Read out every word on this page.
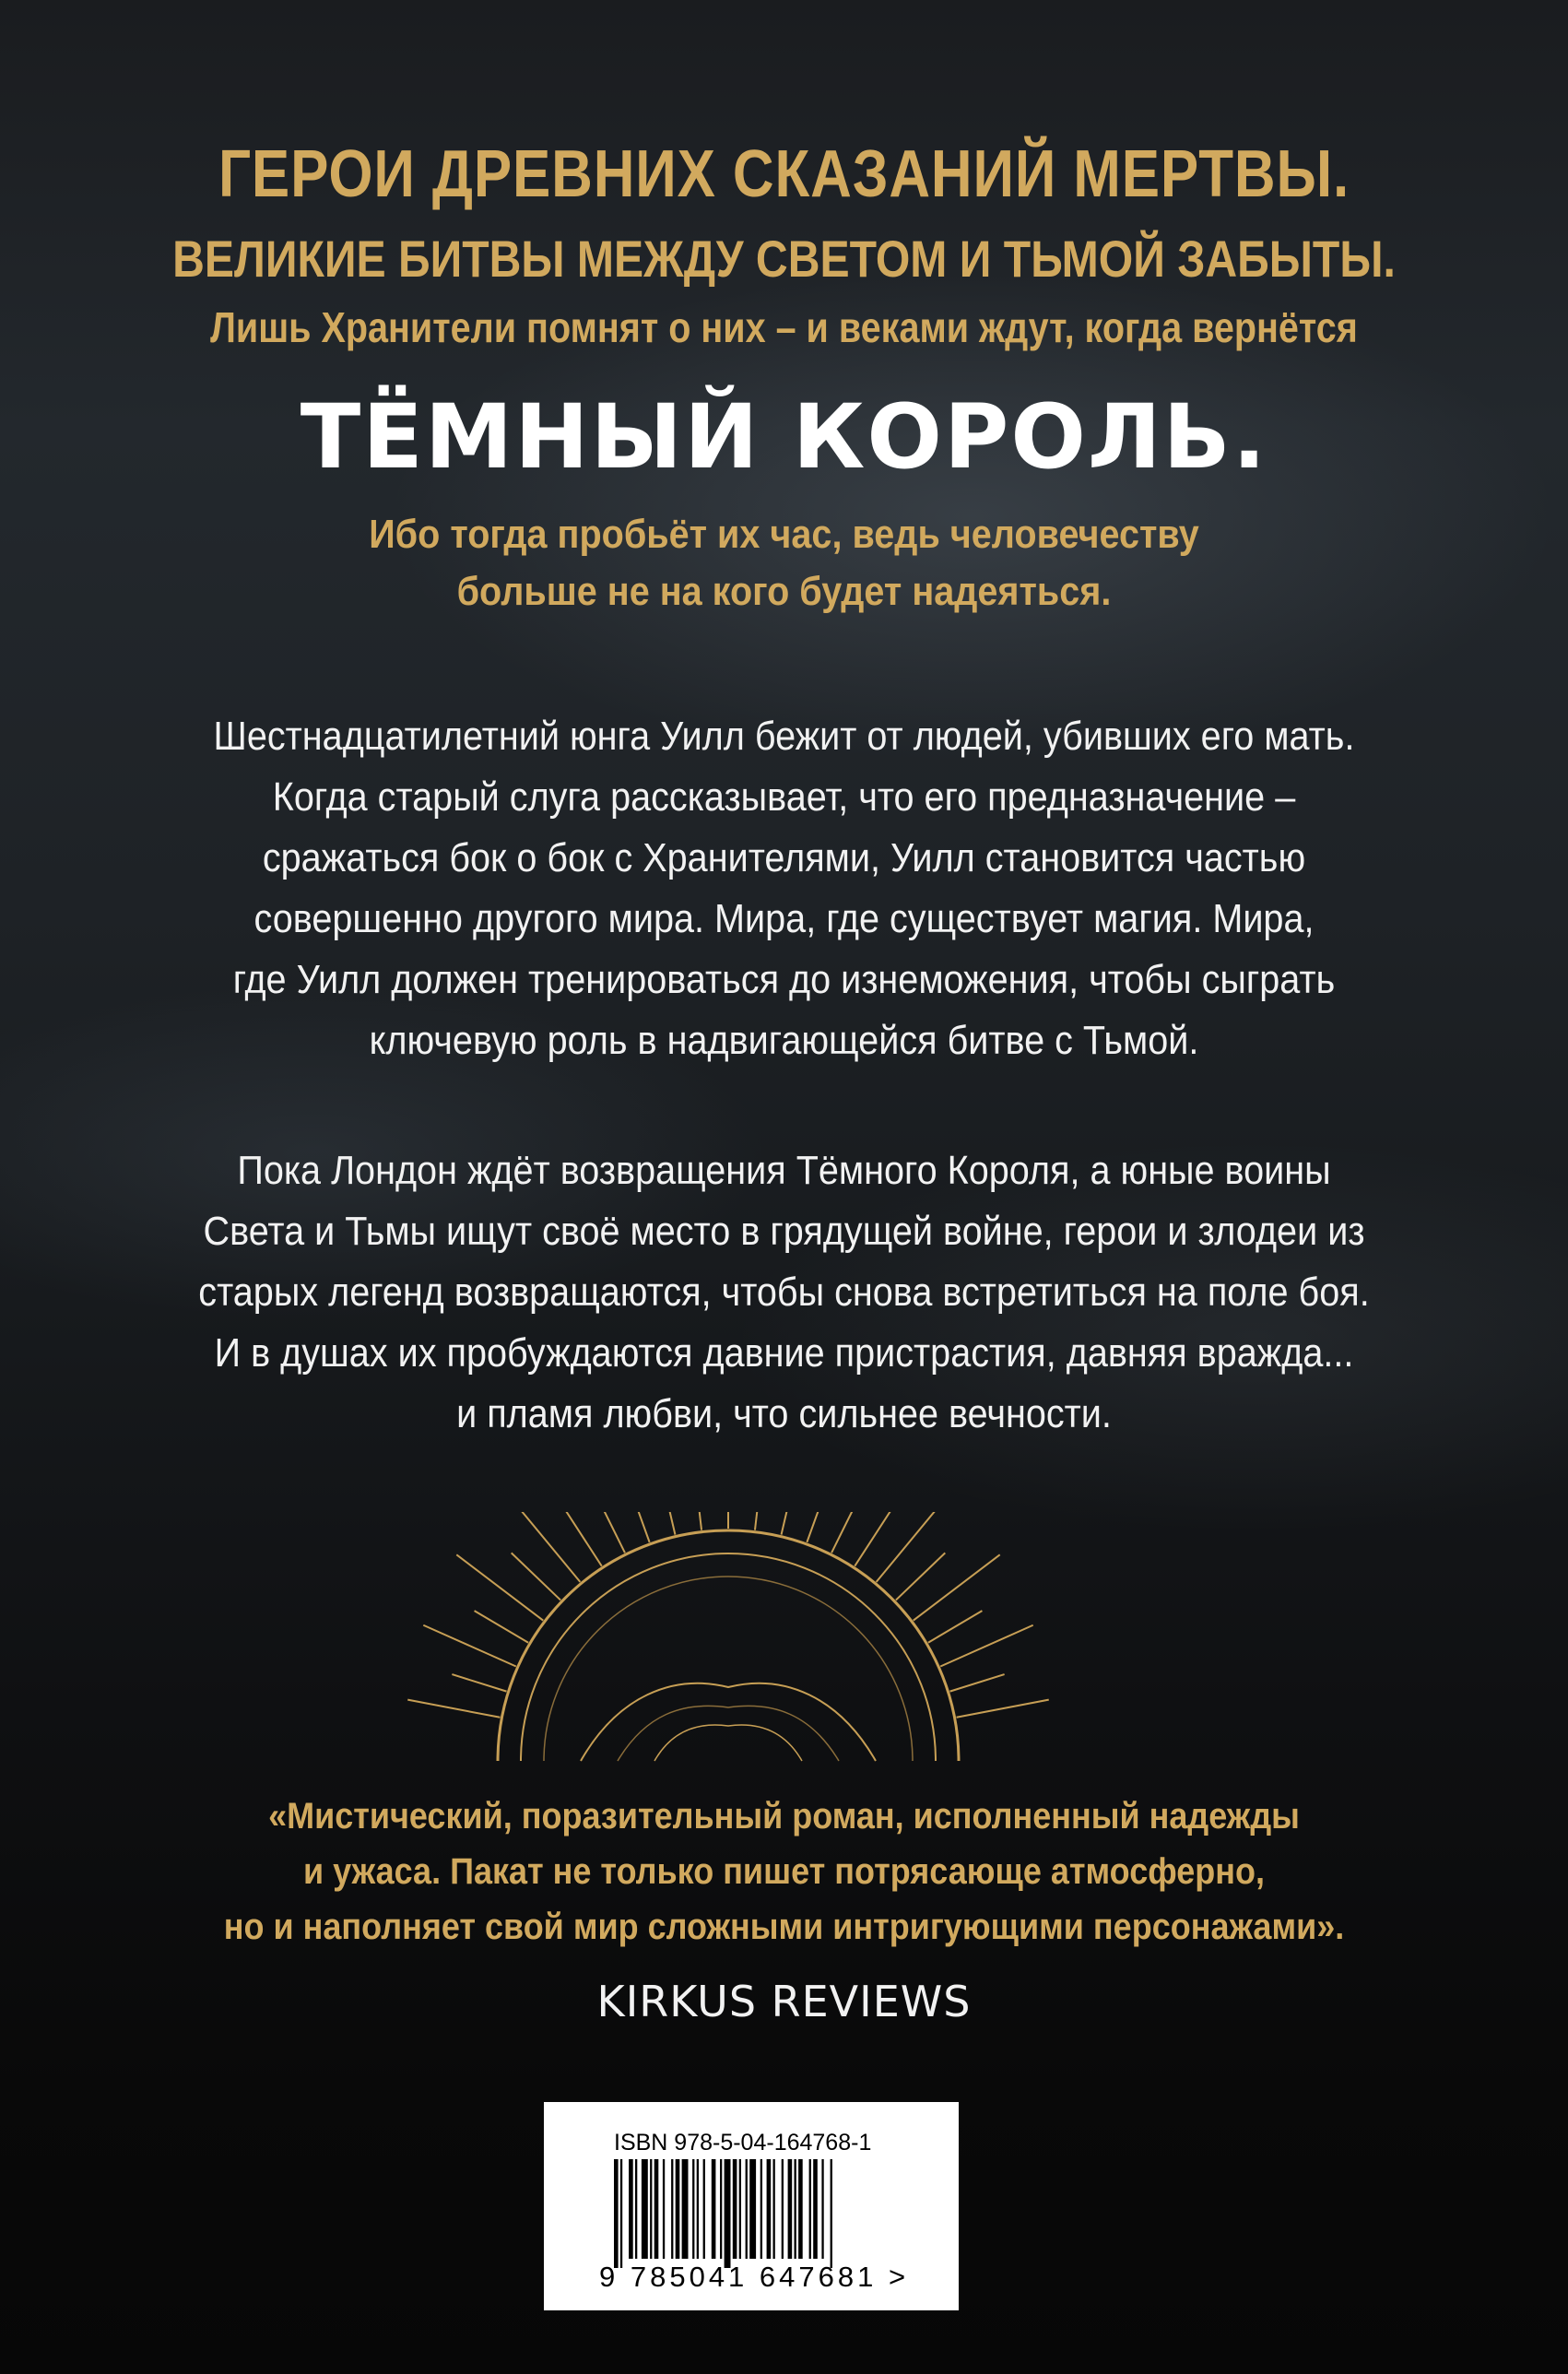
ГЕРОИ ДРЕВНИХ СКАЗАНИЙ МЕРТВЫ.
ВЕЛИКИЕ БИТВЫ МЕЖДУ СВЕТОМ И ТЬМОЙ ЗАБЫТЫ.
Лишь Хранители помнят о них – и веками ждут, когда вернётся
ТЁМНЫЙ КОРОЛЬ.
Ибо тогда пробьёт их час, ведь человечеству
больше не на кого будет надеяться.
Шестнадцатилетний юнга Уилл бежит от людей, убивших его мать.
Когда старый слуга рассказывает, что его предназначение –
сражаться бок о бок с Хранителями, Уилл становится частью
совершенно другого мира. Мира, где существует магия. Мира,
где Уилл должен тренироваться до изнеможения, чтобы сыграть
ключевую роль в надвигающейся битве с Тьмой.
Пока Лондон ждёт возвращения Тёмного Короля, а юные воины
Света и Тьмы ищут своё место в грядущей войне, герои и злодеи из
старых легенд возвращаются, чтобы снова встретиться на поле боя.
И в душах их пробуждаются давние пристрастия, давняя вражда...
и пламя любви, что сильнее вечности.
«Мистический, поразительный роман, исполненный надежды
и ужаса. Пакат не только пишет потрясающе атмосферно,
но и наполняет свой мир сложными интригующими персонажами».
KIRKUS REVIEWS
ISBN 978-5-04-164768-1
9 785041 647681 >
